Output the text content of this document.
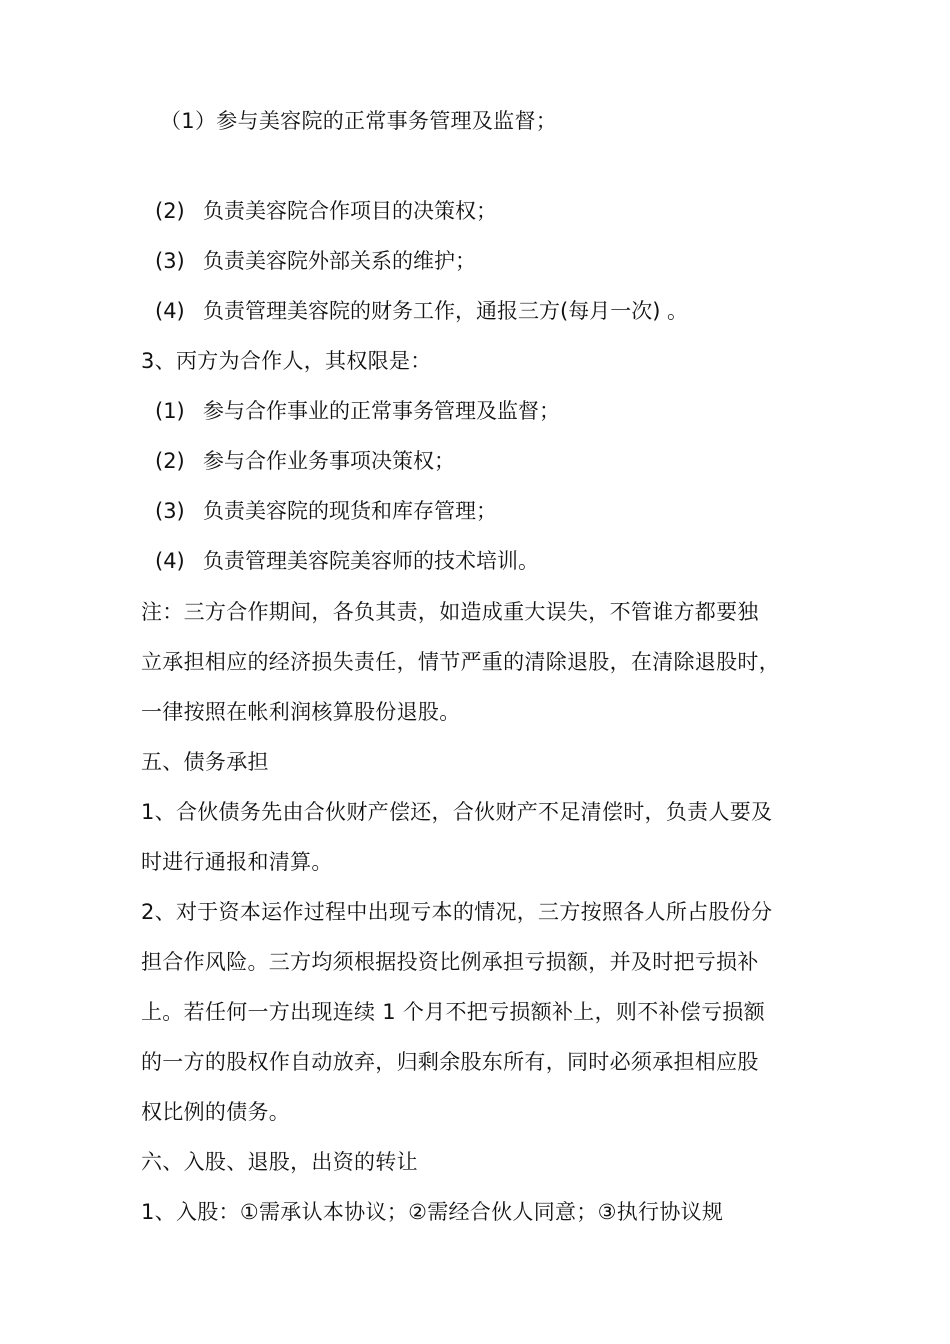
（1）参与美容院的正常事务管理及监督；
(2) 负责美容院合作项目的决策权；
(3) 负责美容院外部关系的维护；
(4) 负责管理美容院的财务工作，通报三方(每月一次) 。
3、丙方为合作人，其权限是：
(1) 参与合作事业的正常事务管理及监督；
(2) 参与合作业务事项决策权；
(3) 负责美容院的现货和库存管理；
(4) 负责管理美容院美容师的技术培训。
注：三方合作期间，各负其责，如造成重大误失，不管谁方都要独
立承担相应的经济损失责任，情节严重的清除退股，在清除退股时，
一律按照在帐利润核算股份退股。
五、债务承担
1、合伙债务先由合伙财产偿还，合伙财产不足清偿时，负责人要及
时进行通报和清算。
2、对于资本运作过程中出现亏本的情况，三方按照各人所占股份分
担合作风险。三方均须根据投资比例承担亏损额，并及时把亏损补
上。若任何一方出现连续 1 个月不把亏损额补上，则不补偿亏损额
的一方的股权作自动放弃，归剩余股东所有，同时必须承担相应股
权比例的债务。
六、入股、退股，出资的转让
1、入股：①需承认本协议；②需经合伙人同意；③执行协议规
